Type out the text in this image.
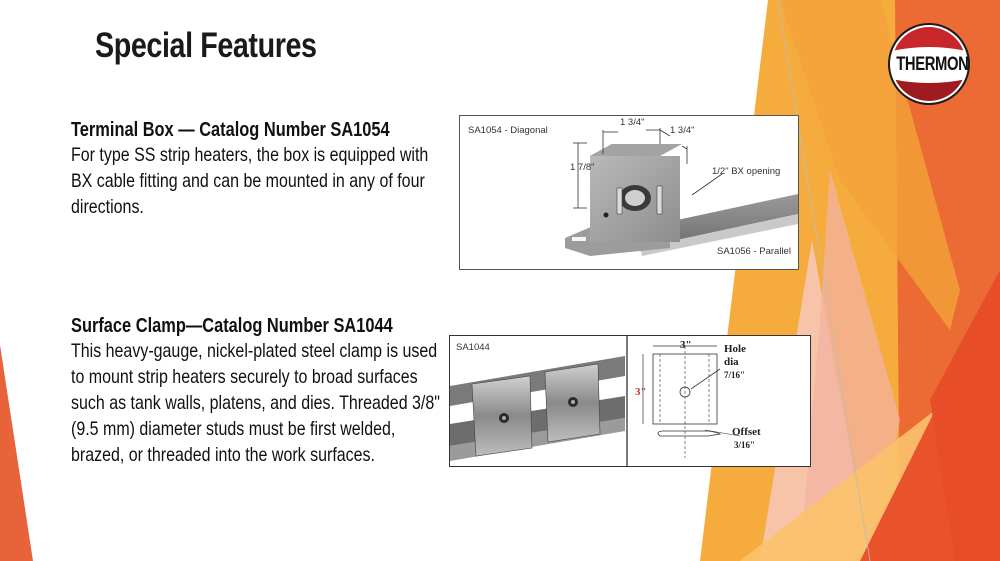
THERMON
Special Features
Terminal Box — Catalog Number SA1054

For type SS strip heaters, the box is equipped with BX cable fitting and can be mounted in any of four directions.

SA1054 - Diagonal
1 3/4"
1 3/4"
1 7/8"	1/2" BX opening
SA1056 - Parallel
Surface Clamp—Catalog Number SA1044

This heavy-gauge, nickel-plated steel clamp is used to mount strip heaters securely to broad surfaces such as tank walls, platens, and dies. Threaded 3/8" (9.5 mm) diameter studs must be first welded, brazed, or threaded into the work surfaces.

SA1044	3"
3"
Hole
dia
7/16"
Offset
3/16"
